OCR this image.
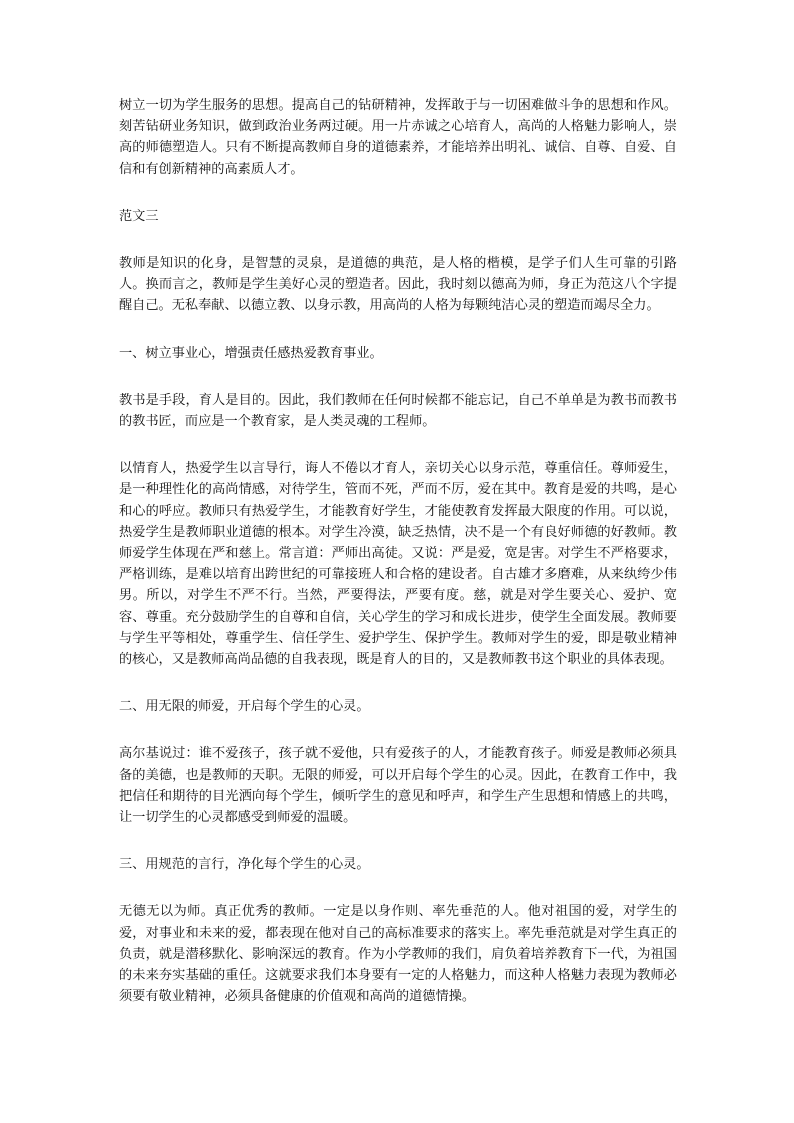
树立一切为学生服务的思想。提高自己的钻研精神，发挥敢于与一切困难做斗争的思想和作风。刻苦钻研业务知识，做到政治业务两过硬。用一片赤诚之心培育人，高尚的人格魅力影响人，崇高的师德塑造人。只有不断提高教师自身的道德素养，才能培养出明礼、诚信、自尊、自爱、自信和有创新精神的高素质人才。

范文三

教师是知识的化身，是智慧的灵泉，是道德的典范，是人格的楷模，是学子们人生可靠的引路人。换而言之，教师是学生美好心灵的塑造者。因此，我时刻以德高为师，身正为范这八个字提醒自己。无私奉献、以德立教、以身示教，用高尚的人格为每颗纯洁心灵的塑造而竭尽全力。

一、树立事业心，增强责任感热爱教育事业。

教书是手段，育人是目的。因此，我们教师在任何时候都不能忘记，自己不单单是为教书而教书的教书匠，而应是一个教育家，是人类灵魂的工程师。

以情育人，热爱学生以言导行，诲人不倦以才育人，亲切关心以身示范，尊重信任。尊师爱生，是一种理性化的高尚情感，对待学生，管而不死，严而不厉，爱在其中。教育是爱的共鸣，是心和心的呼应。教师只有热爱学生，才能教育好学生，才能使教育发挥最大限度的作用。可以说，热爱学生是教师职业道德的根本。对学生冷漠，缺乏热情，决不是一个有良好师德的好教师。教师爱学生体现在严和慈上。常言道：严师出高徒。又说：严是爱，宽是害。对学生不严格要求，严格训练，是难以培育出跨世纪的可靠接班人和合格的建设者。自古雄才多磨难，从来纨绔少伟男。所以，对学生不严不行。当然，严要得法，严要有度。慈，就是对学生要关心、爱护、宽容、尊重。充分鼓励学生的自尊和自信，关心学生的学习和成长进步，使学生全面发展。教师要与学生平等相处，尊重学生、信任学生、爱护学生、保护学生。教师对学生的爱，即是敬业精神的核心，又是教师高尚品德的自我表现，既是育人的目的，又是教师教书这个职业的具体表现。

二、用无限的师爱，开启每个学生的心灵。

高尔基说过：谁不爱孩子，孩子就不爱他，只有爱孩子的人，才能教育孩子。师爱是教师必须具备的美德，也是教师的天职。无限的师爱，可以开启每个学生的心灵。因此，在教育工作中，我把信任和期待的目光洒向每个学生，倾听学生的意见和呼声，和学生产生思想和情感上的共鸣，让一切学生的心灵都感受到师爱的温暖。

三、用规范的言行，净化每个学生的心灵。

无德无以为师。真正优秀的教师。一定是以身作则、率先垂范的人。他对祖国的爱，对学生的爱，对事业和未来的爱，都表现在他对自己的高标准要求的落实上。率先垂范就是对学生真正的负责，就是潜移默化、影响深远的教育。作为小学教师的我们，肩负着培养教育下一代，为祖国的未来夯实基础的重任。这就要求我们本身要有一定的人格魅力，而这种人格魅力表现为教师必须要有敬业精神，必须具备健康的价值观和高尚的道德情操。
